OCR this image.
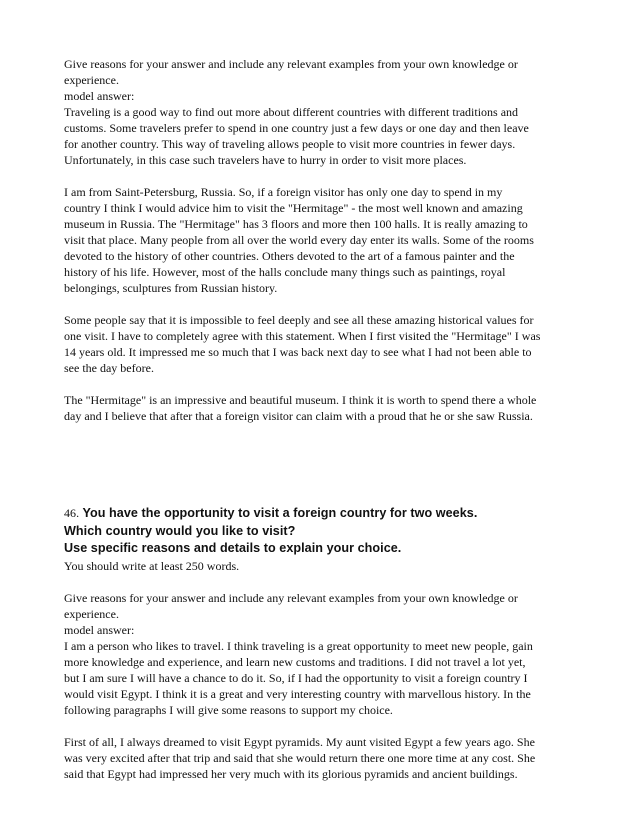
Give reasons for your answer and include any relevant examples from your own knowledge or

experience.

model answer:

Traveling is a good way to find out more about different countries with different traditions and

customs. Some travelers prefer to spend in one country just a few days or one day and then leave

for another country. This way of traveling allows people to visit more countries in fewer days.

Unfortunately, in this case such travelers have to hurry in order to visit more places.

I am from Saint-Petersburg, Russia. So, if a foreign visitor has only one day to spend in my

country I think I would advice him to visit the "Hermitage" - the most well known and amazing

museum in Russia. The "Hermitage" has 3 floors and more then 100 halls. It is really amazing to

visit that place. Many people from all over the world every day enter its walls. Some of the rooms

devoted to the history of other countries. Others devoted to the art of a famous painter and the

history of his life. However, most of the halls conclude many things such as paintings, royal

belongings, sculptures from Russian history.

Some people say that it is impossible to feel deeply and see all these amazing historical values for

one visit. I have to completely agree with this statement. When I first visited the "Hermitage" I was

14 years old. It impressed me so much that I was back next day to see what I had not been able to

see the day before.

The "Hermitage" is an impressive and beautiful museum. I think it is worth to spend there a whole

day and I believe that after that a foreign visitor can claim with a proud that he or she saw Russia.

46. You have the opportunity to visit a foreign country for two weeks.

Which country would you like to visit?

Use specific reasons and details to explain your choice.

You should write at least 250 words.

Give reasons for your answer and include any relevant examples from your own knowledge or

experience.

model answer:

I am a person who likes to travel. I think traveling is a great opportunity to meet new people, gain

more knowledge and experience, and learn new customs and traditions. I did not travel a lot yet,

but I am sure I will have a chance to do it. So, if I had the opportunity to visit a foreign country I

would visit Egypt. I think it is a great and very interesting country with marvellous history. In the

following paragraphs I will give some reasons to support my choice.

First of all, I always dreamed to visit Egypt pyramids. My aunt visited Egypt a few years ago. She

was very excited after that trip and said that she would return there one more time at any cost. She

said that Egypt had impressed her very much with its glorious pyramids and ancient buildings.
